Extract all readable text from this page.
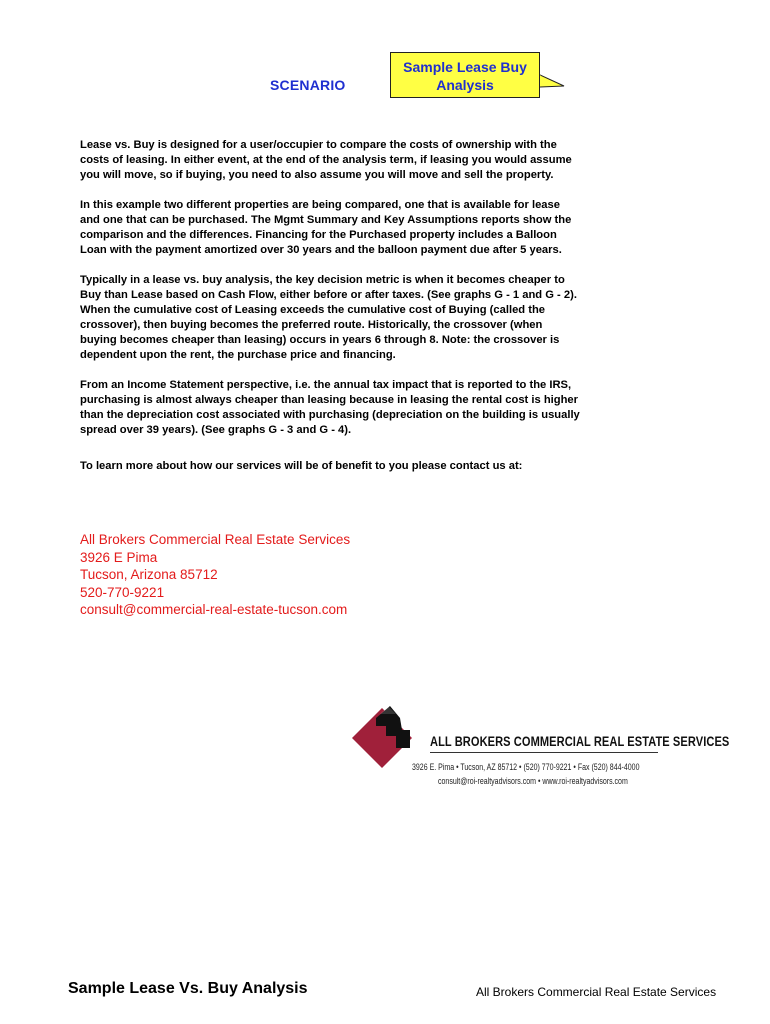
SCENARIO
Sample Lease Buy
Analysis

Lease vs. Buy is designed for a user/occupier to compare the costs of ownership with the costs of leasing. In either event, at the end of the analysis term, if leasing you would assume you will move, so if buying, you need to also assume you will move and sell the property.

In this example two different properties are being compared, one that is available for lease and one that can be purchased. The Mgmt Summary and Key Assumptions reports show the comparison and the differences. Financing for the Purchased property includes a Balloon Loan with the payment amortized over 30 years and the balloon payment due after 5 years.

Typically in a lease vs. buy analysis, the key decision metric is when it becomes cheaper to Buy than Lease based on Cash Flow, either before or after taxes. (See graphs G - 1 and G - 2). When the cumulative cost of Leasing exceeds the cumulative cost of Buying (called the crossover), then buying becomes the preferred route. Historically, the crossover (when buying becomes cheaper than leasing) occurs in years 6 through 8. Note: the crossover is dependent upon the rent, the purchase price and financing.

From an Income Statement perspective, i.e. the annual tax impact that is reported to the IRS, purchasing is almost always cheaper than leasing because in leasing the rental cost is higher than the depreciation cost associated with purchasing (depreciation on the building is usually spread over 39 years). (See graphs G - 3 and G - 4).

To learn more about how our services will be of benefit to you please contact us at:

All Brokers Commercial Real Estate Services
3926 E Pima
Tucson, Arizona 85712
520-770-9221
consult@commercial-real-estate-tucson.com
ALL BROKERS COMMERCIAL REAL ESTATE SERVICES
3926 E. Pima • Tucson, AZ 85712 • (520) 770-9221 • Fax (520) 844-4000
consult@roi-realtyadvisors.com • www.roi-realtyadvisors.com
Sample Lease Vs. Buy Analysis	All Brokers Commercial Real Estate Services
